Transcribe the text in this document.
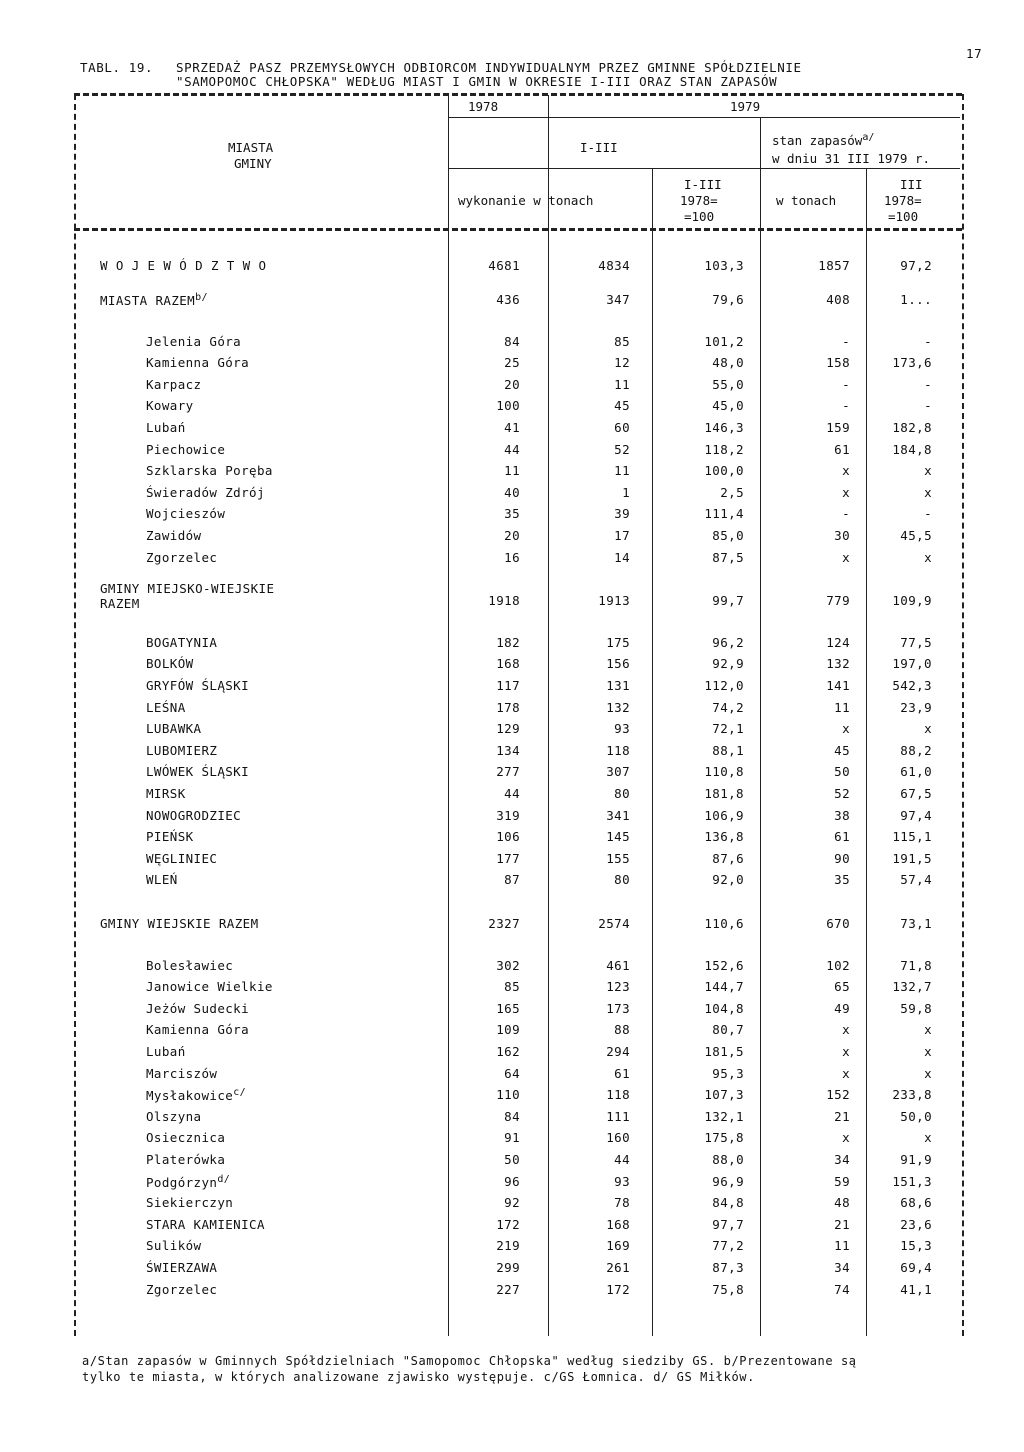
17
TABL. 19. SPRZEDAŻ PASZ PRZEMYSŁOWYCH ODBIORCOM INDYWIDUALNYM PRZEZ GMINNE SPÓŁDZIELNIE
"SAMOPOMOC CHŁOPSKA" WEDŁUG MIAST I GMIN W OKRESIE I-III ORAZ STAN ZAPASÓW
MIASTA
GMINY
1978	1979
I-III	stan zapasów$^{a/}$
w dniu 31 III 1979 r.
wykonanie w tonach
I-III
1978=
=100
w tonach
III
1978=
=100
W O J E W Ó D Z T W O	4681	4834	103,3	1857	97,2
MIASTA $RAZEM^{b/}$	436	347	79,6	408	1...
Jelenia Góra	84	85	101,2	-	-
Kamienna Góra	25	12	48,0	158	173,6
Karpacz	20	11	55,0	-	-
Kowary	100	45	45,0	-	-
Lubań	41	60	146,3	159	182,8
Piechowice	44	52	118,2	61	184,8
Szklarska Poręba	11	11	100,0	x	x
Świeradów Zdrój	40	1	2,5	x	x
Wojcieszów	35	39	111,4	-	-
Zawidów	20	17	85,0	30	45,5
Zgorzelec	16	14	87,5	x	x
GMINY MIEJSKO-WIEJSKIE
RAZEM	1918	1913	99,7	779	109,9
BOGATYNIA	182	175	96,2	124	77,5
BOLKÓW	168	156	92,9	132	197,0
GRYFÓW ŚLĄSKI	117	131	112,0	141	542,3
LEŚNA	178	132	74,2	11	23,9
LUBAWKA	129	93	72,1	x	x
LUBOMIERZ	134	118	88,1	45	88,2
LWÓWEK ŚLĄSKI	277	307	110,8	50	61,0
MIRSK	44	80	181,8	52	67,5
NOWOGRODZIEC	319	341	106,9	38	97,4
PIEŃSK	106	145	136,8	61	115,1
WĘGLINIEC	177	155	87,6	90	191,5
WLEŃ	87	80	92,0	35	57,4
GMINY WIEJSKIE RAZEM	2327	2574	110,6	670	73,1
Bolesławiec	302	461	152,6	102	71,8
Janowice Wielkie	85	123	144,7	65	132,7
Jeżów Sudecki	165	173	104,8	49	59,8
Kamienna Góra	109	88	80,7	x	x
Lubań	162	294	181,5	x	x
Marciszów	64	61	95,3	x	x
Mysłakowice$^{c/}$	110	118	107,3	152	233,8
Olszyna	84	111	132,1	21	50,0
Osiecznica	91	160	175,8	x	x
Platerówka	50	44	88,0	34	91,9
Podgórzyn$^{d/}$	96	93	96,9	59	151,3
Siekierczyn	92	78	84,8	48	68,6
STARA KAMIENICA	172	168	97,7	21	23,6
Sulików	219	169	77,2	11	15,3
ŚWIERZAWA	299	261	87,3	34	69,4
Zgorzelec	227	172	75,8	74	41,1
a/Stan zapasów w Gminnych Spółdzielniach "Samopomoc Chłopska" według siedziby GS. b/Prezentowane są
tylko te miasta, w których analizowane zjawisko występuje. c/GS Łomnica. d/ GS Miłków.
